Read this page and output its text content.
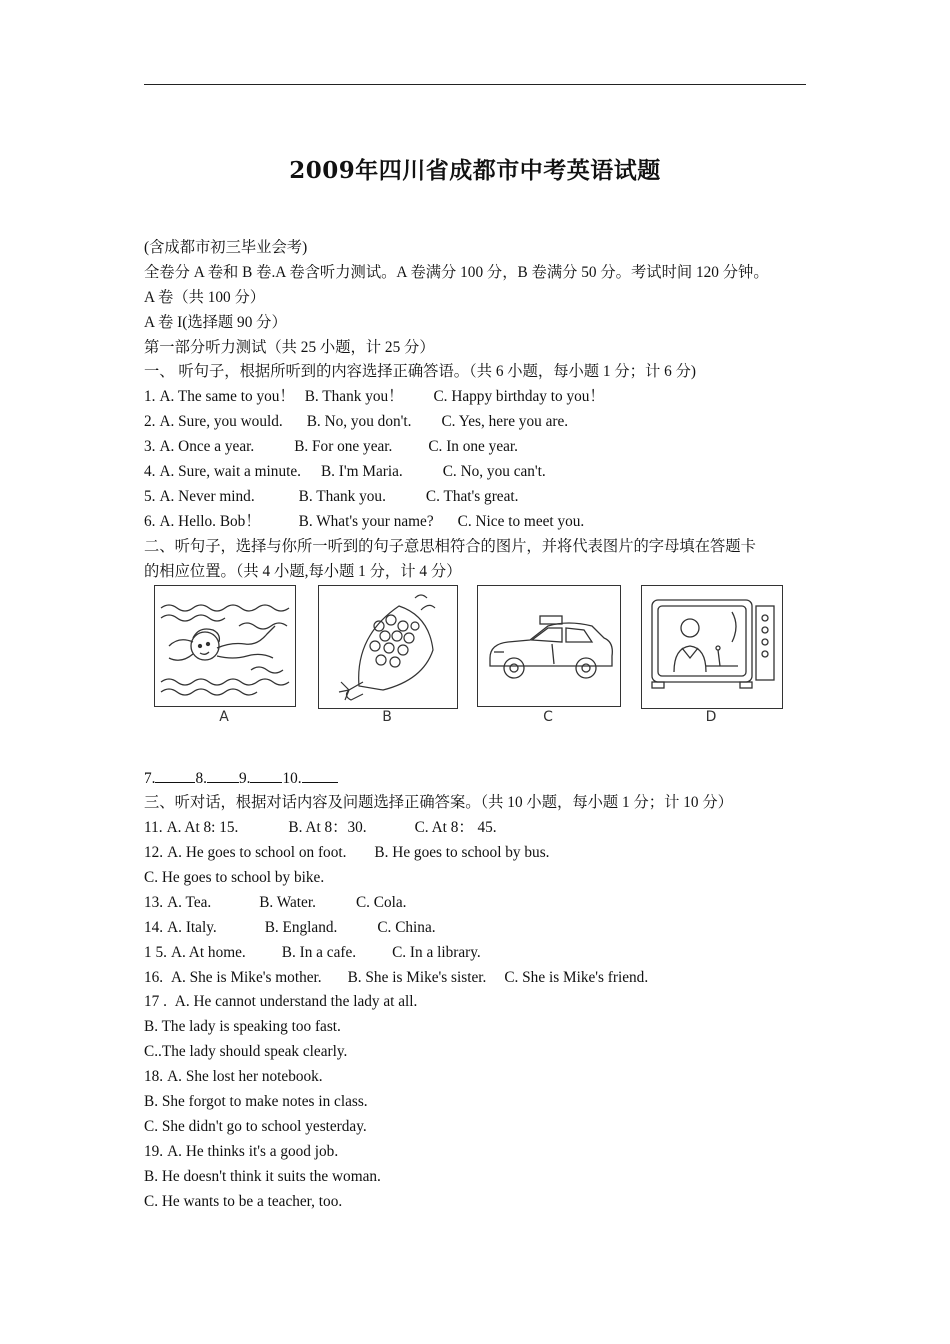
2009年四川省成都市中考英语试题
(含成都市初三毕业会考)
全卷分 A 卷和 B 卷.A 卷含听力测试。A 卷满分 100 分，B 卷满分 50 分。考试时间 120 分钟。
A 卷（共 100 分）
A 卷 I(选择题 90 分）
第一部分听力测试（共 25 小题，计 25 分）
一、 听句子，根据所听到的内容选择正确答语。（共 6 小题，每小题 1 分；计 6 分)
1. A. The same to you！ B. Thank you！ C. Happy birthday to you！
2. A. Sure, you would. B. No, you don't. C. Yes, here you are.
3. A. Once a year.	B. For one year. C. In one year.
4. A. Sure, wait a minute. B. I'm Maria.	C. No, you can't.
5. A. Never mind.	B. Thank you.	C. That's great.
6. A. Hello. Bob！ B. What's your name? C. Nice to meet you.
二、听句子，选择与你所一听到的句子意思相符合的图片，并将代表图片的字母填在答题卡
的相应位置。（共 4 小题,每小题 1 分，计 4 分）
A	B	C	D
7.	8. 9. 10.
三、听对话，根据对话内容及问题选择正确答案。（共 10 小题，每小题 1 分；计 10 分）
11. A. At 8: 15.	B. At 8：30.	C. At 8： 45.
12. A. He goes to school on foot. B. He goes to school by bus.
C. He goes to school by bike.
13. A. Tea.	B. Water.	C. Cola.
14. A. Italy.	B. England.	C. China.
1 5. A. At home. B. In a cafe. C. In a library.
16. A. She is Mike's mother. B. She is Mike's sister. C. She is Mike's friend.
17 . A. He cannot understand the lady at all.
B. The lady is speaking too fast.
C..The lady should speak clearly.
18. A. She lost her notebook.
B. She forgot to make notes in class.
C. She didn't go to school yesterday.
19. A. He thinks it's a good job.
B. He doesn't think it suits the woman.
C. He wants to be a teacher, too.
